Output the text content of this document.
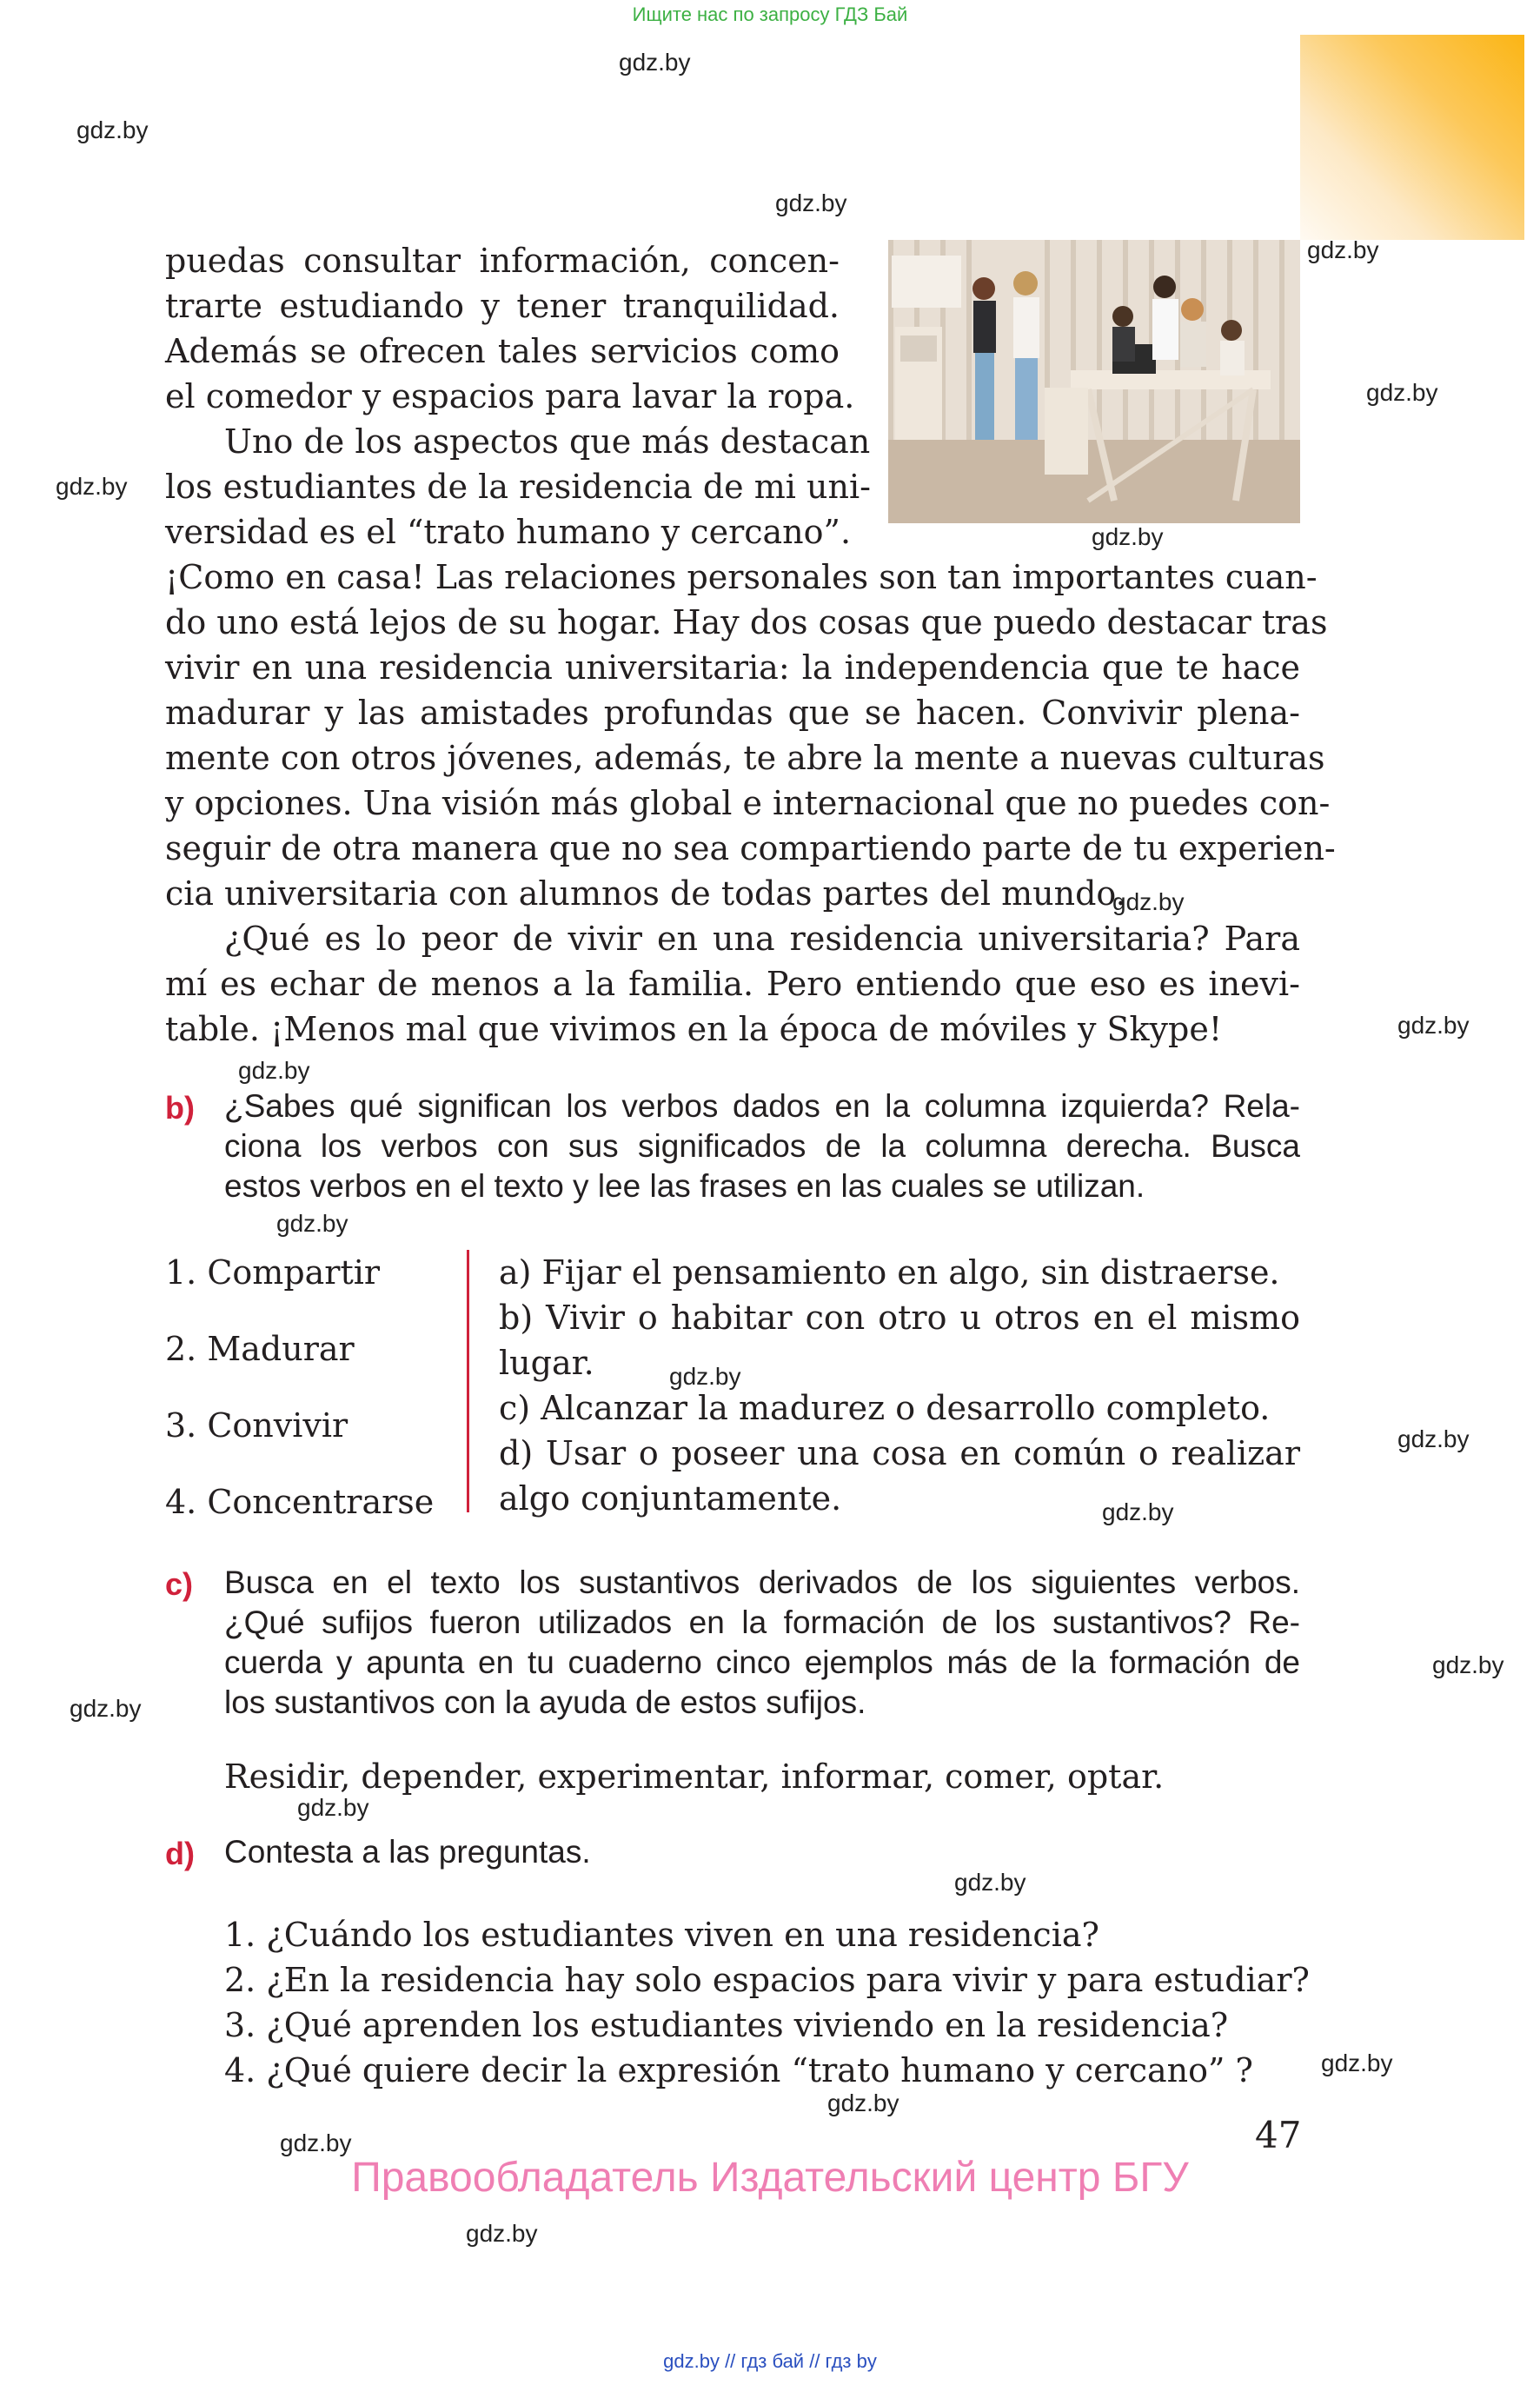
Ищите нас по запросу ГДЗ Бай
gdz.by
gdz.by
gdz.by
gdz.by
gdz.by
gdz.by
gdz.by
gdz.by
gdz.by
gdz.by
gdz.by
gdz.by
gdz.by
gdz.by
gdz.by
gdz.by
gdz.by
gdz.by
gdz.by
gdz.by
gdz.by
gdz.by
puedas consultar información, concen-
trarte estudiando y tener tranquilidad.
Además se ofrecen tales servicios como
el comedor y espacios para lavar la ropa.
Uno de los aspectos que más destacan
los estudiantes de la residencia de mi uni-
versidad es el “trato humano y cercano”.
¡Como en casa! Las relaciones personales son tan importantes cuan-
do uno está lejos de su hogar. Hay dos cosas que puedo destacar tras
vivir en una residencia universitaria: la independencia que te hace
madurar y las amistades profundas que se hacen. Convivir plena-
mente con otros jóvenes, además, te abre la mente a nuevas culturas
y opciones. Una visión más global e internacional que no puedes con-
seguir de otra manera que no sea compartiendo parte de tu experien-
cia universitaria con alumnos de todas partes del mundo.
¿Qué es lo peor de vivir en una residencia universitaria? Para
mí es echar de menos a la familia. Pero entiendo que eso es inevi-
table. ¡Menos mal que vivimos en la época de móviles y Skype!
b) ¿Sabes qué significan los verbos dados en la columna izquierda? Rela-
ciona los verbos con sus significados de la columna derecha. Busca
estos verbos en el texto y lee las frases en las cuales se utilizan.
1. Compartir
2. Madurar
3. Convivir
4. Concentrarse
a) Fijar el pensamiento en algo, sin distraerse.
b) Vivir o habitar con otro u otros en el mismo
lugar.
c) Alcanzar la madurez o desarrollo completo.
d) Usar o poseer una cosa en común o realizar
algo conjuntamente.
c) Busca en el texto los sustantivos derivados de los siguientes verbos.
¿Qué sufijos fueron utilizados en la formación de los sustantivos? Re-
cuerda y apunta en tu cuaderno cinco ejemplos más de la formación de
los sustantivos con la ayuda de estos sufijos.
Residir, depender, experimentar, informar, comer, optar.
d) Contesta a las preguntas.
1. ¿Cuándo los estudiantes viven en una residencia?
2. ¿En la residencia hay solo espacios para vivir y para estudiar?
3. ¿Qué aprenden los estudiantes viviendo en la residencia?
4. ¿Qué quiere decir la expresión “trato humano y cercano” ?
47
Правообладатель Издательский центр БГУ
gdz.by // гдз бай // гдз by
